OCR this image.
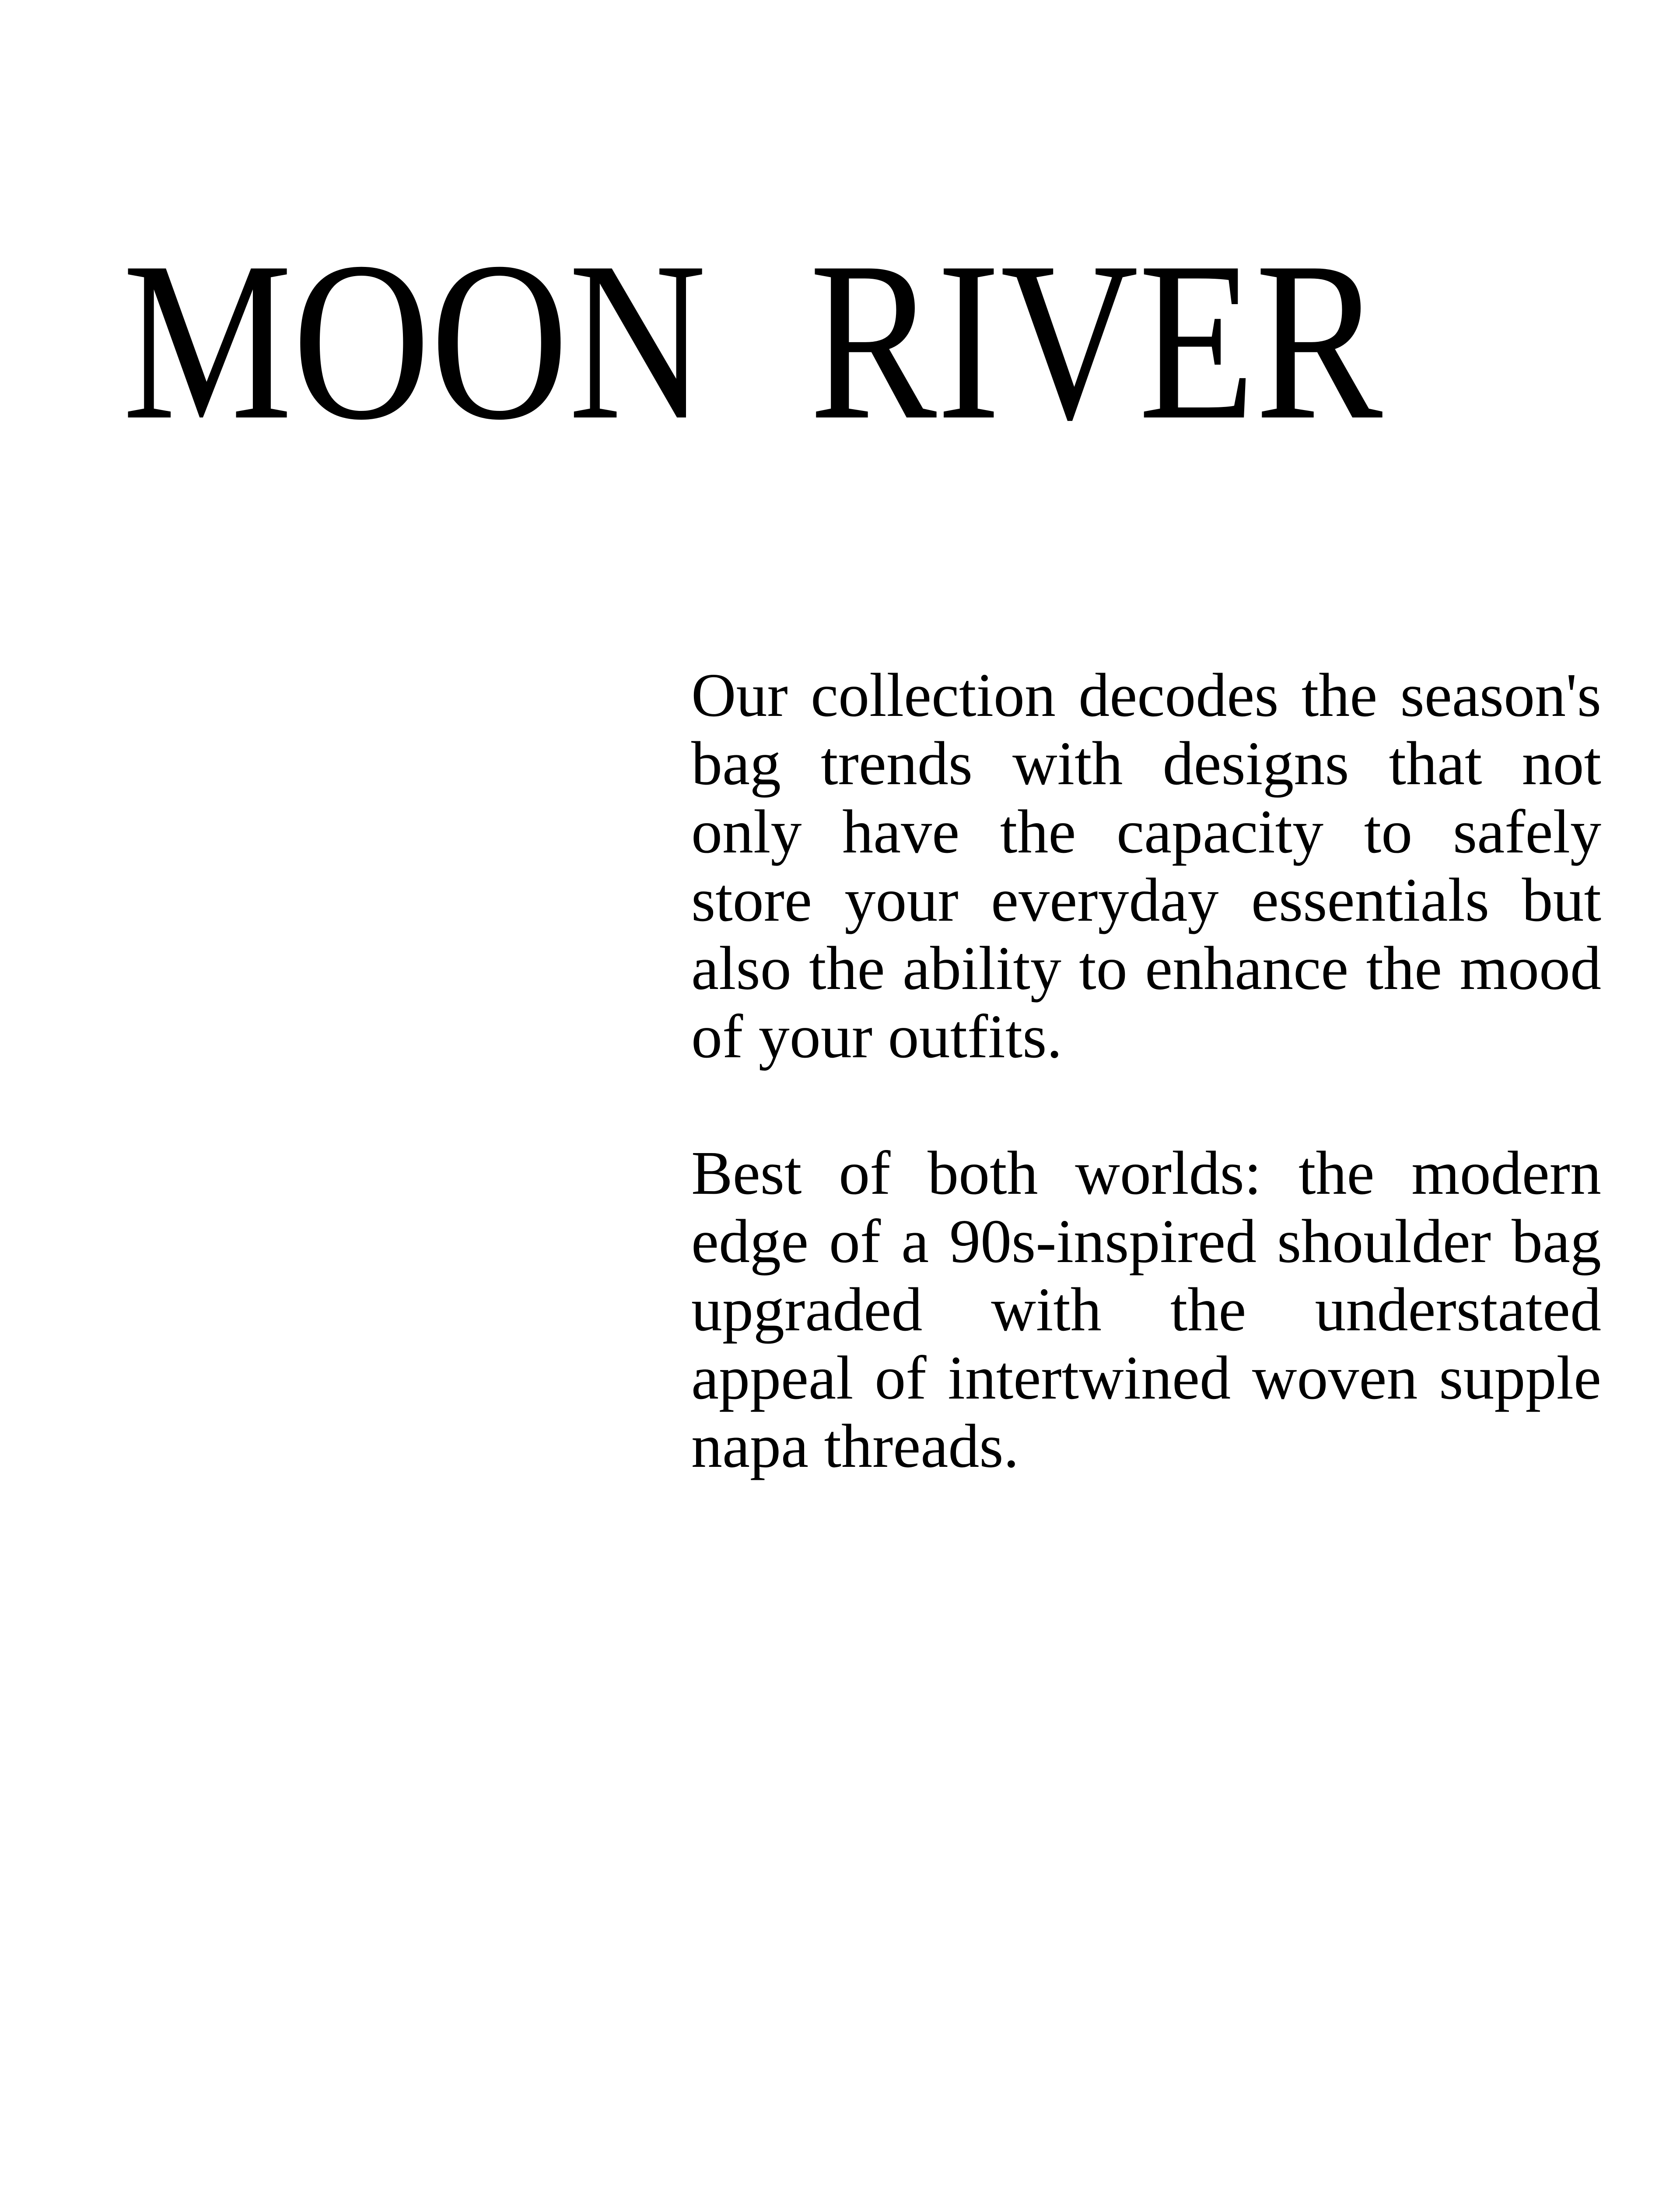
MOON RIVER

Our collection decodes the season's bag trends with designs that not only have the capacity to safely store your everyday essentials but also the ability to enhance the mood of your outfits.

Best of both worlds: the modern edge of a 90s-inspired shoulder bag upgraded with the understated appeal of intertwined woven supple napa threads.
